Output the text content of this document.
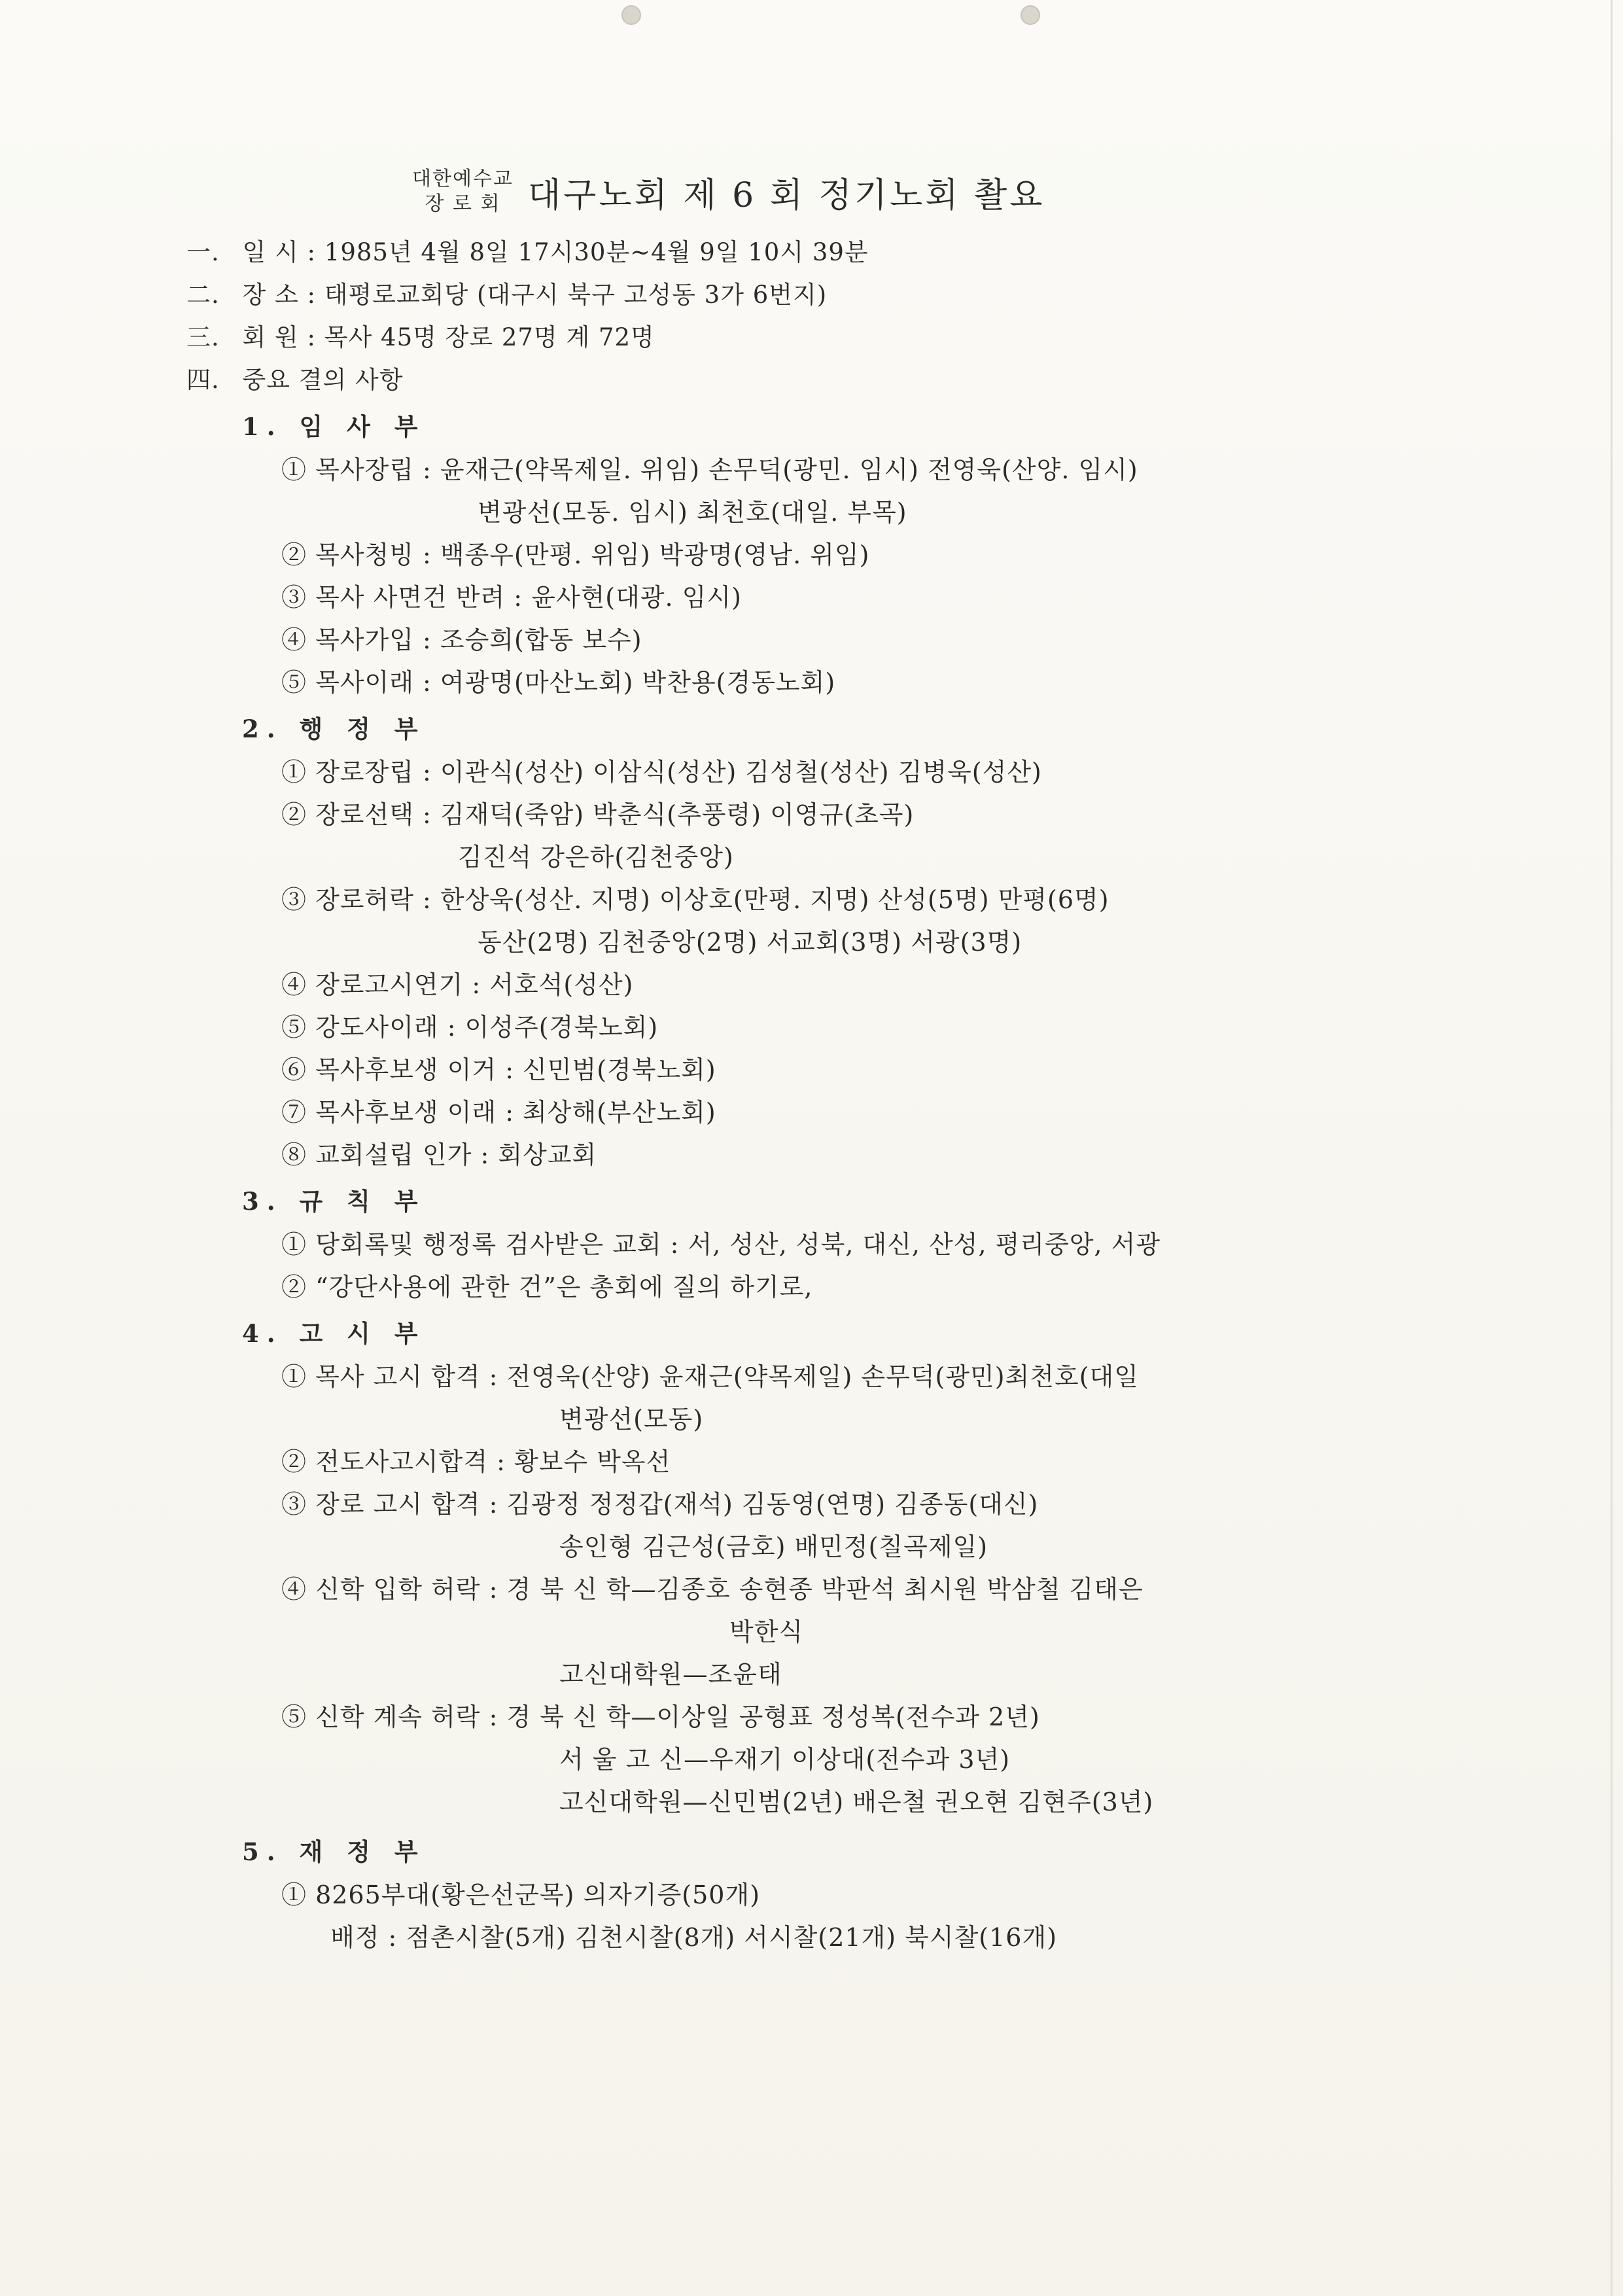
대한예수교
장 로 회 대구노회 제 6 회 정기노회 촬요
一. 일 시 : 1985년 4월 8일 17시30분~4월 9일 10시 39분
二. 장 소 : 태평로교회당 (대구시 북구 고성동 3가 6번지)
三. 회 원 : 목사 45명 장로 27명 계 72명
四. 중요 결의 사항
1. 임 사 부
① 목사장립 : 윤재근(약목제일. 위임) 손무덕(광민. 임시) 전영욱(산양. 임시)
변광선(모동. 임시) 최천호(대일. 부목)
② 목사청빙 : 백종우(만평. 위임) 박광명(영남. 위임)
③ 목사 사면건 반려 : 윤사현(대광. 임시)
④ 목사가입 : 조승희(합동 보수)
⑤ 목사이래 : 여광명(마산노회) 박찬용(경동노회)
2. 행 정 부
① 장로장립 : 이관식(성산) 이삼식(성산) 김성철(성산) 김병욱(성산)
② 장로선택 : 김재덕(죽암) 박춘식(추풍령) 이영규(초곡)
김진석 강은하(김천중앙)
③ 장로허락 : 한상욱(성산. 지명) 이상호(만평. 지명) 산성(5명) 만평(6명)
동산(2명) 김천중앙(2명) 서교회(3명) 서광(3명)
④ 장로고시연기 : 서호석(성산)
⑤ 강도사이래 : 이성주(경북노회)
⑥ 목사후보생 이거 : 신민범(경북노회)
⑦ 목사후보생 이래 : 최상해(부산노회)
⑧ 교회설립 인가 : 회상교회
3. 규 칙 부
① 당회록및 행정록 검사받은 교회 : 서, 성산, 성북, 대신, 산성, 평리중앙, 서광
② “강단사용에 관한 건”은 총회에 질의 하기로,
4. 고 시 부
① 목사 고시 합격 : 전영욱(산양) 윤재근(약목제일) 손무덕(광민)최천호(대일
변광선(모동)
② 전도사고시합격 : 황보수 박옥선
③ 장로 고시 합격 : 김광정 정정갑(재석) 김동영(연명) 김종동(대신)
송인형 김근성(금호) 배민정(칠곡제일)
④ 신학 입학 허락 : 경 북 신 학—김종호 송현종 박판석 최시원 박삼철 김태은
박한식
고신대학원—조윤태
⑤ 신학 계속 허락 : 경 북 신 학—이상일 공형표 정성복(전수과 2년)
서 울 고 신—우재기 이상대(전수과 3년)
고신대학원—신민범(2년) 배은철 권오현 김현주(3년)
5. 재 정 부
① 8265부대(황은선군목) 의자기증(50개)
배정 : 점촌시찰(5개) 김천시찰(8개) 서시찰(21개) 북시찰(16개)
